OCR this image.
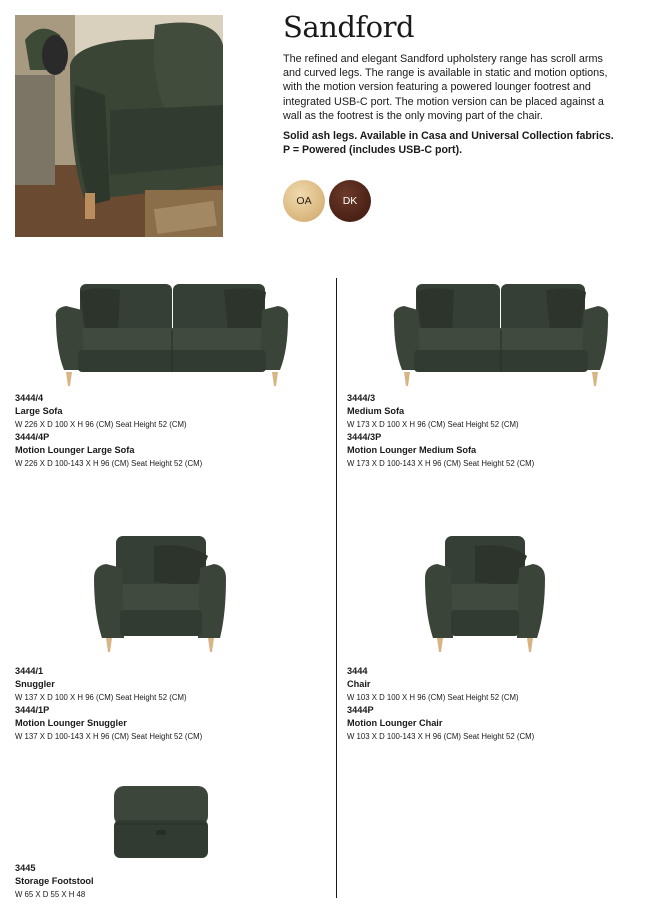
Sandford

The refined and elegant Sandford upholstery range has scroll arms and curved legs. The range is available in static and motion options, with the motion version featuring a powered lounger footrest and integrated USB-C port. The motion version can be placed against a wall as the footrest is the only moving part of the chair.

Solid ash legs. Available in Casa and Universal Collection fabrics.
P = Powered (includes USB-C port).
OA	DK
3444/4
Large Sofa
W 226 X D 100 X H 96 (CM) Seat Height 52 (CM)
3444/4P
Motion Lounger Large Sofa
W 226 X D 100-143 X H 96 (CM) Seat Height 52 (CM)
3444/3
Medium Sofa
W 173 X D 100 X H 96 (CM) Seat Height 52 (CM)
3444/3P
Motion Lounger Medium Sofa
W 173 X D 100-143 X H 96 (CM) Seat Height 52 (CM)
3444/1
Snuggler
W 137 X D 100 X H 96 (CM) Seat Height 52 (CM)
3444/1P
Motion Lounger Snuggler
W 137 X D 100-143 X H 96 (CM) Seat Height 52 (CM)
3444
Chair
W 103 X D 100 X H 96 (CM) Seat Height 52 (CM)
3444P
Motion Lounger Chair
W 103 X D 100-143 X H 96 (CM) Seat Height 52 (CM)
3445
Storage Footstool
W 65 X D 55 X H 48
